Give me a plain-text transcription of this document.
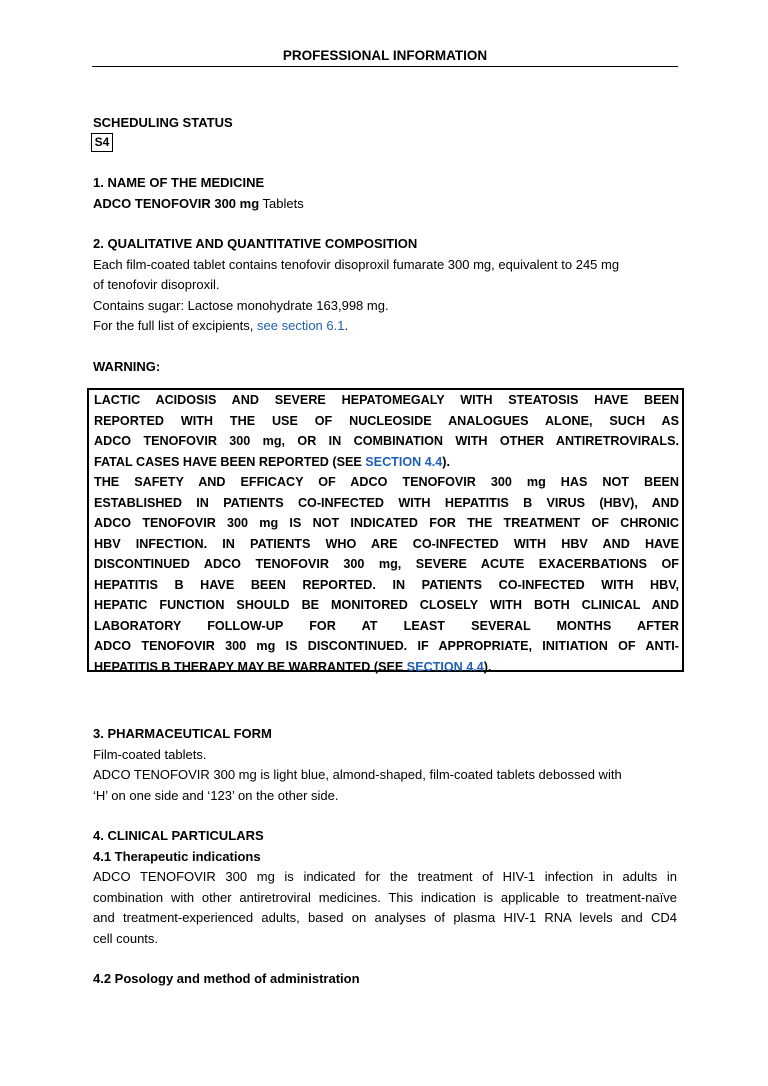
PROFESSIONAL INFORMATION
SCHEDULING STATUS
S4
1. NAME OF THE MEDICINE
ADCO TENOFOVIR 300 mg Tablets
2. QUALITATIVE AND QUANTITATIVE COMPOSITION
Each film-coated tablet contains tenofovir disoproxil fumarate 300 mg, equivalent to 245 mg
of tenofovir disoproxil.
Contains sugar: Lactose monohydrate 163,998 mg.
For the full list of excipients, see section 6.1.
WARNING:

LACTIC ACIDOSIS AND SEVERE HEPATOMEGALY WITH STEATOSIS HAVE BEEN

REPORTED WITH THE USE OF NUCLEOSIDE ANALOGUES ALONE, SUCH AS

ADCO TENOFOVIR 300 mg, OR IN COMBINATION WITH OTHER ANTIRETROVIRALS.

FATAL CASES HAVE BEEN REPORTED (SEE SECTION 4.4).

THE SAFETY AND EFFICACY OF ADCO TENOFOVIR 300 mg HAS NOT BEEN

ESTABLISHED IN PATIENTS CO-INFECTED WITH HEPATITIS B VIRUS (HBV), AND

ADCO TENOFOVIR 300 mg IS NOT INDICATED FOR THE TREATMENT OF CHRONIC

HBV INFECTION. IN PATIENTS WHO ARE CO-INFECTED WITH HBV AND HAVE

DISCONTINUED ADCO TENOFOVIR 300 mg, SEVERE ACUTE EXACERBATIONS OF

HEPATITIS B HAVE BEEN REPORTED. IN PATIENTS CO-INFECTED WITH HBV,

HEPATIC FUNCTION SHOULD BE MONITORED CLOSELY WITH BOTH CLINICAL AND

LABORATORY FOLLOW-UP FOR AT LEAST SEVERAL MONTHS AFTER

ADCO TENOFOVIR 300 mg IS DISCONTINUED. IF APPROPRIATE, INITIATION OF ANTI-

HEPATITIS B THERAPY MAY BE WARRANTED (SEE SECTION 4.4).

3. PHARMACEUTICAL FORM
Film-coated tablets.
ADCO TENOFOVIR 300 mg is light blue, almond-shaped, film-coated tablets debossed with
‘H’ on one side and ‘123’ on the other side.
4. CLINICAL PARTICULARS
4.1 Therapeutic indications
ADCO TENOFOVIR 300 mg is indicated for the treatment of HIV-1 infection in adults in
combination with other antiretroviral medicines. This indication is applicable to treatment-naïve
and treatment-experienced adults, based on analyses of plasma HIV-1 RNA levels and CD4
cell counts.
4.2 Posology and method of administration
